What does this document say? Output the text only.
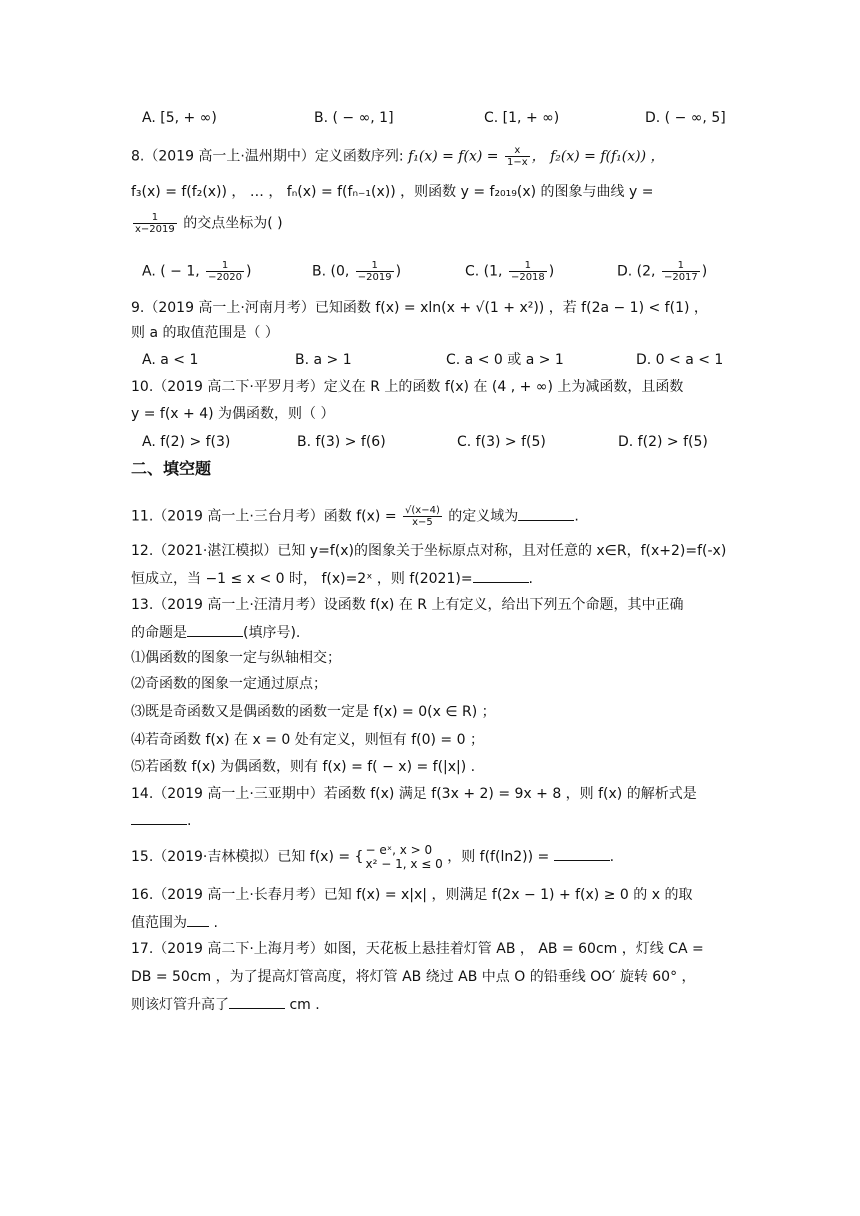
A. [5, + ∞)	B. ( − ∞, 1]	C. [1, + ∞)	D. ( − ∞, 5]
8.（2019 高一上·温州期中）定义函数序列: $f_1(x) = f(x) = \frac{x}{1-x}$ ， f₂(x) = f(f₁(x)) ，
f₃(x) = f(f₂(x)) ， … ， fₙ(x) = f(fₙ₋₁(x)) ，则函数 y = f₂₀₁₉(x) 的图象与曲线 y =
$\frac{1}{x-2019}$ 的交点坐标为( )
A. ( − 1, $\frac{1}{-2020}$ )	B. (0, $\frac{1}{-2019}$ )	C. (1, $\frac{1}{-2018}$ )	D. (2, $\frac{1}{-2017}$ )
9.（2019 高一上·河南月考）已知函数 f(x) = xln(x + √(1 + x²)) ，若 f(2a − 1) < f(1) ，
则 a 的取值范围是（ ）
A. a < 1	B. a > 1	C. a < 0 或 a > 1	D. 0 < a < 1
10.（2019 高二下·平罗月考）定义在 R 上的函数 f(x) 在 (4 , + ∞) 上为减函数，且函数
y = f(x + 4) 为偶函数，则（ ）
A. f(2) > f(3)	B. f(3) > f(6)	C. f(3) > f(5)	D. f(2) > f(5)
二、填空题
11.（2019 高一上·三台月考）函数 $f(x) = \frac{√(x-4)}{x-5}$ 的定义域为	.
12.（2021·湛江模拟）已知 y=f(x)的图象关于坐标原点对称，且对任意的 x∈R，f(x+2)=f(-x)
恒成立，当 −1 ≤ x < 0 时， f(x)=2ˣ ，则 f(2021)=	.
13.（2019 高一上·汪清月考）设函数 f(x) 在 R 上有定义，给出下列五个命题，其中正确
的命题是	(填序号).
⑴偶函数的图象一定与纵轴相交；
⑵奇函数的图象一定通过原点；
⑶既是奇函数又是偶函数的函数一定是 f(x) = 0(x ∈ R) ；
⑷若奇函数 f(x) 在 x = 0 处有定义，则恒有 f(0) = 0 ；
⑸若函数 f(x) 为偶函数，则有 f(x) = f( − x) = f(|x|) .
14.（2019 高一上·三亚期中）若函数 f(x) 满足 f(3x + 2) = 9x + 8 ，则 f(x) 的解析式是
.
15.（2019·吉林模拟）已知 f(x) = { − eˣ, x > 0
x² − 1, x ≤ 0 ，则 f(f(ln2)) =	.
16.（2019 高一上·长春月考）已知 f(x) = x|x| ，则满足 f(2x − 1) + f(x) ≥ 0 的 x 的取
值范围为 .
17.（2019 高二下·上海月考）如图，天花板上悬挂着灯管 AB ， AB = 60cm ，灯线 CA =
DB = 50cm ，为了提高灯管高度，将灯管 AB 绕过 AB 中点 O 的铅垂线 OO′ 旋转 60° ，
则该灯管升高了	cm .
